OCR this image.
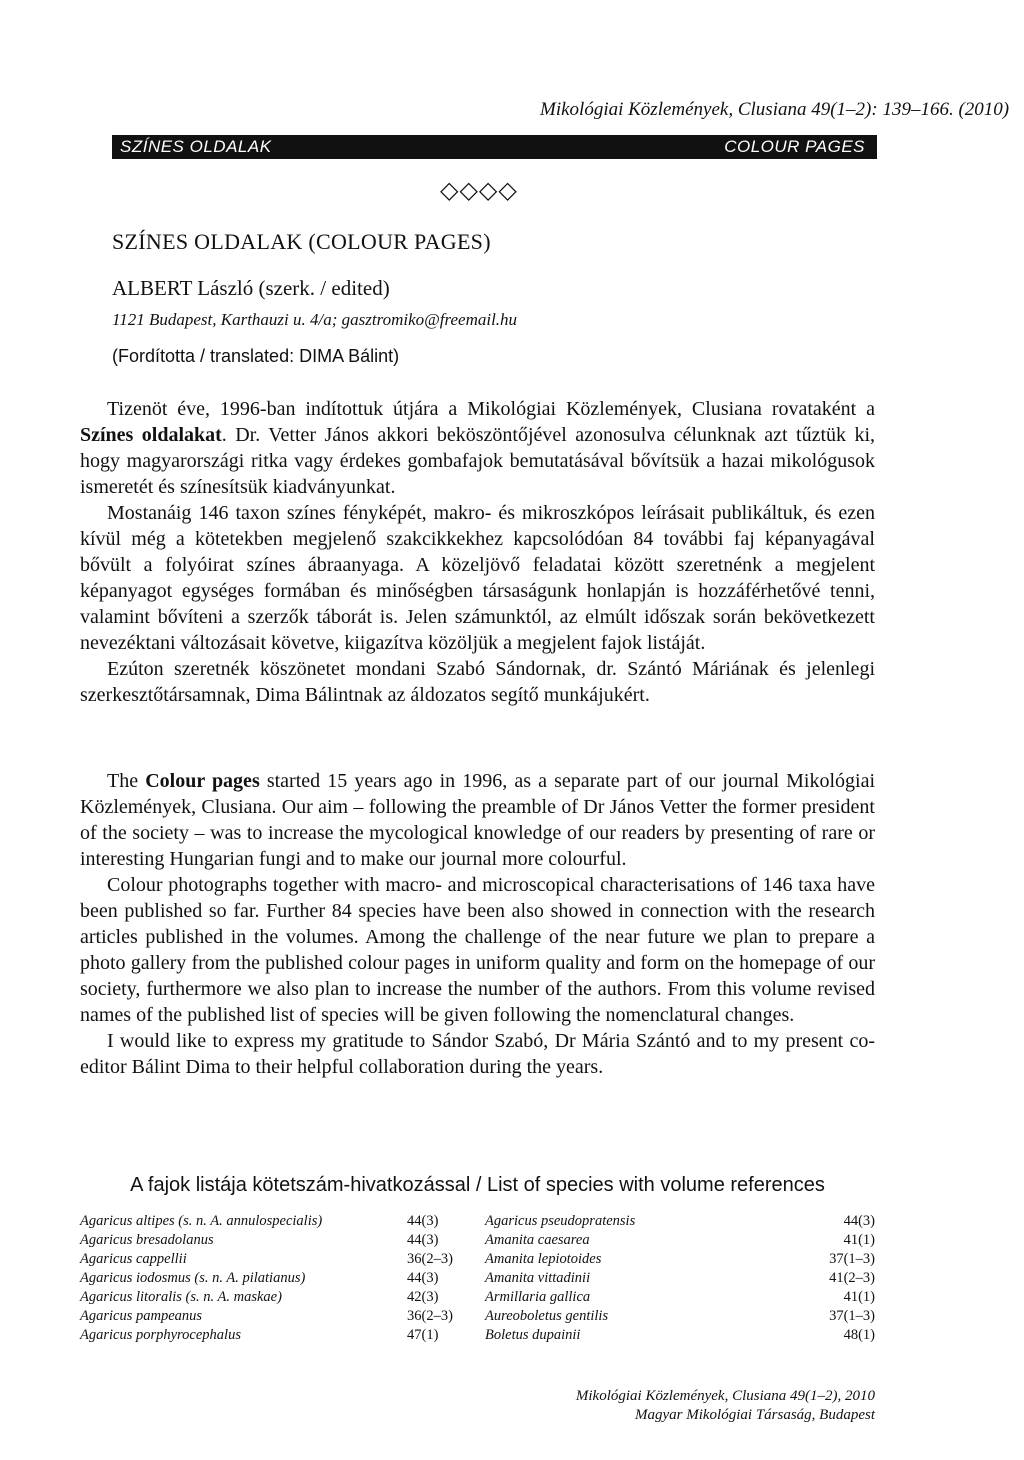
Mikológiai Közlemények, Clusiana 49(1–2): 139–166. (2010)
SZÍNES OLDALAK	COLOUR PAGES
◇◇◇◇
SZÍNES OLDALAK (COLOUR PAGES)
ALBERT László (szerk. / edited)
1121 Budapest, Karthauzi u. 4/a; gasztromiko@freemail.hu
(Fordította / translated: DIMA Bálint)

Tizenöt éve, 1996-ban indítottuk útjára a Mikológiai Közlemények, Clusiana rovataként a Színes oldalakat. Dr. Vetter János akkori beköszöntőjével azonosulva célunknak azt tűztük ki, hogy magyarországi ritka vagy érdekes gombafajok bemutatásával bővítsük a hazai mikológusok ismeretét és színesítsük kiadványunkat.

Mostanáig 146 taxon színes fényképét, makro- és mikroszkópos leírásait publikáltuk, és ezen kívül még a kötetekben megjelenő szakcikkekhez kapcsolódóan 84 további faj képanyagával bővült a folyóirat színes ábraanyaga. A közeljövő feladatai között szeretnénk a megjelent képanyagot egységes formában és minőségben társaságunk honlapján is hozzáférhetővé tenni, valamint bővíteni a szerzők táborát is. Jelen számunktól, az elmúlt időszak során bekövetkezett nevezéktani változásait követve, kiigazítva közöljük a megjelent fajok listáját.

Ezúton szeretnék köszönetet mondani Szabó Sándornak, dr. Szántó Máriának és jelenlegi szerkesztőtársamnak, Dima Bálintnak az áldozatos segítő munkájukért.

The Colour pages started 15 years ago in 1996, as a separate part of our journal Mikológiai Közlemények, Clusiana. Our aim – following the preamble of Dr János Vetter the former president of the society – was to increase the mycological knowledge of our readers by presenting of rare or interesting Hungarian fungi and to make our journal more colourful.

Colour photographs together with macro- and microscopical characterisations of 146 taxa have been published so far. Further 84 species have been also showed in connection with the research articles published in the volumes. Among the challenge of the near future we plan to prepare a photo gallery from the published colour pages in uniform quality and form on the homepage of our society, furthermore we also plan to increase the number of the authors. From this volume revised names of the published list of species will be given following the nomenclatural changes.

I would like to express my gratitude to Sándor Szabó, Dr Mária Szántó and to my present co-editor Bálint Dima to their helpful collaboration during the years.

A fajok listája kötetszám-hivatkozással / List of species with volume references
Agaricus altipes (s. n. A. annulospecialis)	44(3)
Agaricus bresadolanus	44(3)
Agaricus cappellii	36(2–3)
Agaricus iodosmus (s. n. A. pilatianus)	44(3)
Agaricus litoralis (s. n. A. maskae)	42(3)
Agaricus pampeanus	36(2–3)
Agaricus porphyrocephalus	47(1)
Agaricus pseudopratensis	44(3)
Amanita caesarea	41(1)
Amanita lepiotoides	37(1–3)
Amanita vittadinii	41(2–3)
Armillaria gallica	41(1)
Aureoboletus gentilis	37(1–3)
Boletus dupainii	48(1)
Mikológiai Közlemények, Clusiana 49(1–2), 2010
Magyar Mikológiai Társaság, Budapest
